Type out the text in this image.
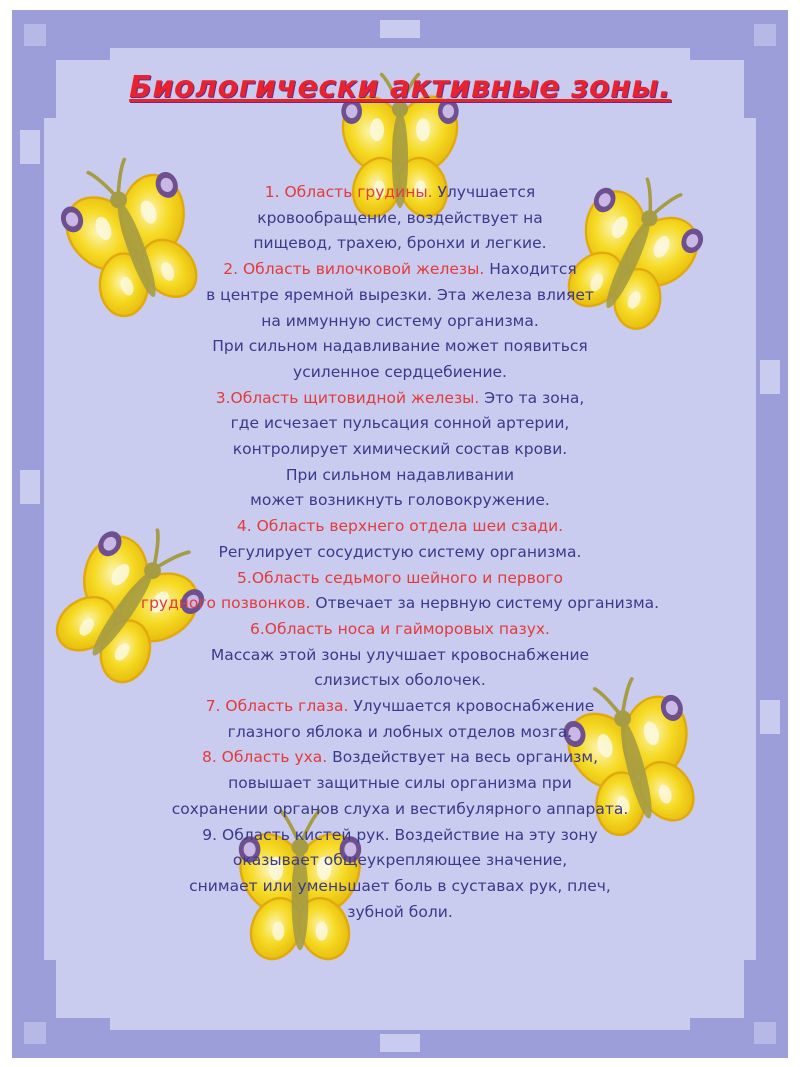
Биологически активные зоны.
1. Область грудины. Улучшается
кровообращение, воздействует на
пищевод, трахею, бронхи и легкие.
2. Область вилочковой железы. Находится
в центре яремной вырезки. Эта железа влияет
на иммунную систему организма.
При сильном надавливание может появиться
усиленное сердцебиение.
3.Область щитовидной железы. Это та зона,
где исчезает пульсация сонной артерии,
контролирует химический состав крови.
При сильном надавливании
может возникнуть головокружение.
4. Область верхнего отдела шеи сзади.
Регулирует сосудистую систему организма.
5.Область седьмого шейного и первого
грудного позвонков. Отвечает за нервную систему организма.
6.Область носа и гайморовых пазух.
Массаж этой зоны улучшает кровоснабжение
слизистых оболочек.
7. Область глаза. Улучшается кровоснабжение
глазного яблока и лобных отделов мозга.
8. Область уха. Воздействует на весь организм,
повышает защитные силы организма при
сохранении органов слуха и вестибулярного аппарата.
9. Область кистей рук. Воздействие на эту зону
оказывает общеукрепляющее значение,
снимает или уменьшает боль в суставах рук, плеч,
зубной боли.
